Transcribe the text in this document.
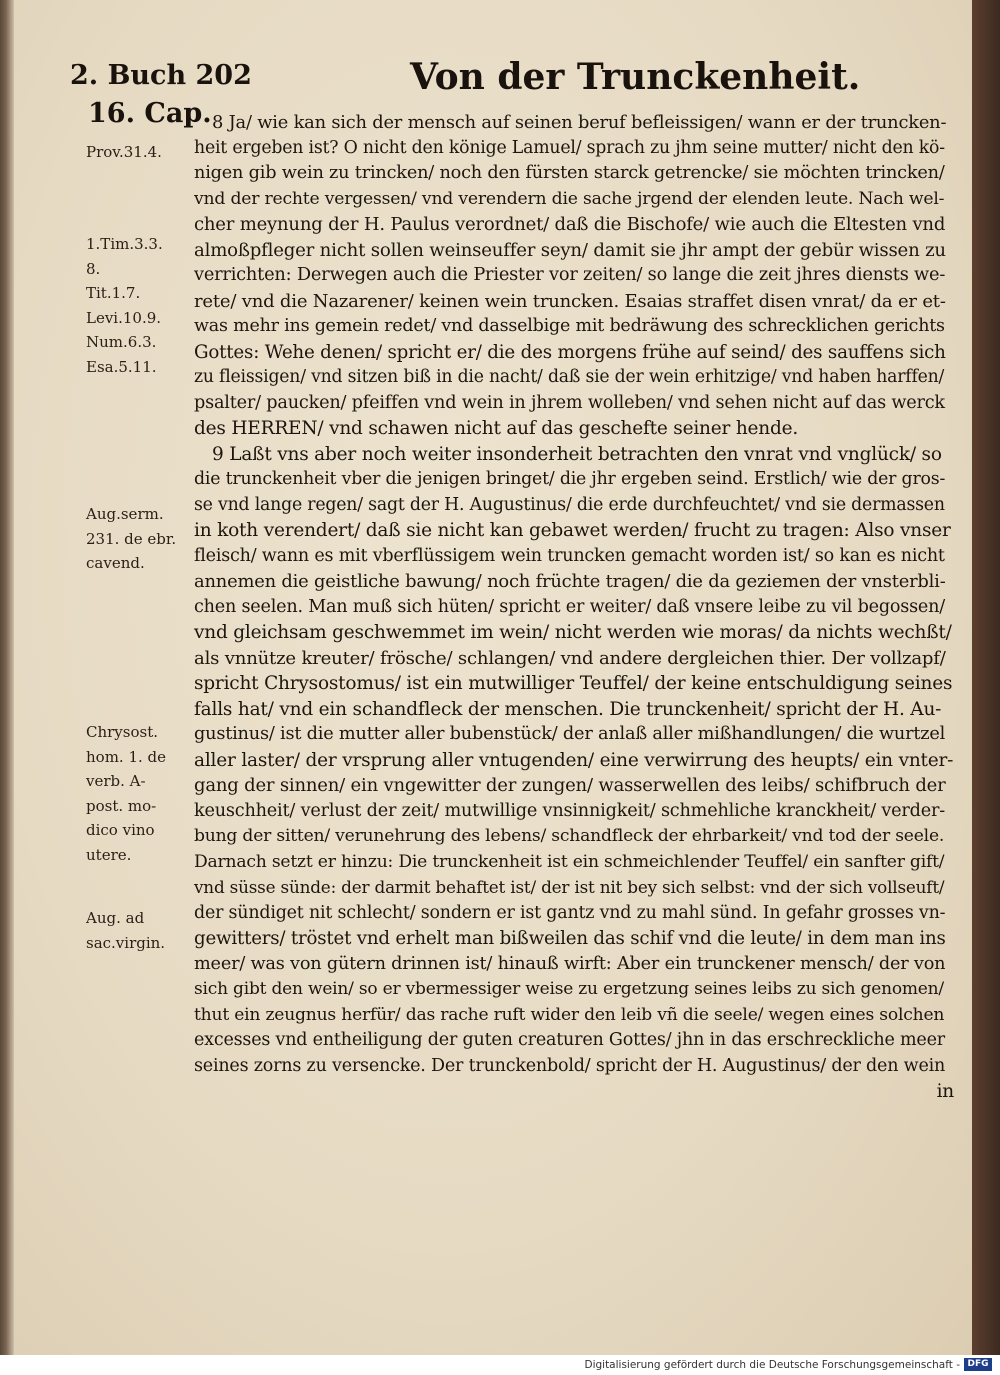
2. Buch 202	Von der Trunckenheit.
16. Cap.
Prov.31.4.
1.Tim.3.3.
8.
Tit.1.7.
Levi.10.9.
Num.6.3.
Esa.5.11.
Aug.serm.
231. de ebr.
cavend.
Chrysost.
hom. 1. de
verb. A-
post. mo-
dico vino
utere.
Aug. ad
sac.virgin.
8 Ja/ wie kan sich der mensch auf seinen beruf befleissigen/ wann er der truncken-
heit ergeben ist? O nicht den könige Lamuel/ sprach zu jhm seine mutter/ nicht den kö-
nigen gib wein zu trincken/ noch den fürsten starck getrencke/ sie möchten trincken/
vnd der rechte vergessen/ vnd verendern die sache jrgend der elenden leute. Nach wel-
cher meynung der H. Paulus verordnet/ daß die Bischofe/ wie auch die Eltesten vnd
almoßpfleger nicht sollen weinseuffer seyn/ damit sie jhr ampt der gebür wissen zu
verrichten: Derwegen auch die Priester vor zeiten/ so lange die zeit jhres diensts we-
rete/ vnd die Nazarener/ keinen wein truncken. Esaias straffet disen vnrat/ da er et-
was mehr ins gemein redet/ vnd dasselbige mit bedräwung des schrecklichen gerichts
Gottes: Wehe denen/ spricht er/ die des morgens frühe auf seind/ des sauffens sich
zu fleissigen/ vnd sitzen biß in die nacht/ daß sie der wein erhitzige/ vnd haben harffen/
psalter/ paucken/ pfeiffen vnd wein in jhrem wolleben/ vnd sehen nicht auf das werck
des HERREN/ vnd schawen nicht auf das geschefte seiner hende.
9 Laßt vns aber noch weiter insonderheit betrachten den vnrat vnd vnglück/ so
die trunckenheit vber die jenigen bringet/ die jhr ergeben seind. Erstlich/ wie der gros-
se vnd lange regen/ sagt der H. Augustinus/ die erde durchfeuchtet/ vnd sie dermassen
in koth verendert/ daß sie nicht kan gebawet werden/ frucht zu tragen: Also vnser
fleisch/ wann es mit vberflüssigem wein truncken gemacht worden ist/ so kan es nicht
annemen die geistliche bawung/ noch früchte tragen/ die da geziemen der vnsterbli-
chen seelen. Man muß sich hüten/ spricht er weiter/ daß vnsere leibe zu vil begossen/
vnd gleichsam geschwemmet im wein/ nicht werden wie moras/ da nichts wechßt/
als vnnütze kreuter/ frösche/ schlangen/ vnd andere dergleichen thier. Der vollzapf/
spricht Chrysostomus/ ist ein mutwilliger Teuffel/ der keine entschuldigung seines
falls hat/ vnd ein schandfleck der menschen. Die trunckenheit/ spricht der H. Au-
gustinus/ ist die mutter aller bubenstück/ der anlaß aller mißhandlungen/ die wurtzel
aller laster/ der vrsprung aller vntugenden/ eine verwirrung des heupts/ ein vnter-
gang der sinnen/ ein vngewitter der zungen/ wasserwellen des leibs/ schifbruch der
keuschheit/ verlust der zeit/ mutwillige vnsinnigkeit/ schmehliche kranckheit/ verder-
bung der sitten/ verunehrung des lebens/ schandfleck der ehrbarkeit/ vnd tod der seele.
Darnach setzt er hinzu: Die trunckenheit ist ein schmeichlender Teuffel/ ein sanfter gift/
vnd süsse sünde: der darmit behaftet ist/ der ist nit bey sich selbst: vnd der sich vollseuft/
der sündiget nit schlecht/ sondern er ist gantz vnd zu mahl sünd. In gefahr grosses vn-
gewitters/ tröstet vnd erhelt man bißweilen das schif vnd die leute/ in dem man ins
meer/ was von gütern drinnen ist/ hinauß wirft: Aber ein trunckener mensch/ der von
sich gibt den wein/ so er vbermessiger weise zu ergetzung seines leibs zu sich genomen/
thut ein zeugnus herfür/ das rache ruft wider den leib vñ die seele/ wegen eines solchen
excesses vnd entheiligung der guten creaturen Gottes/ jhn in das erschreckliche meer
seines zorns zu versencke. Der trunckenbold/ spricht der H. Augustinus/ der den wein
in
Digitalisierung gefördert durch die Deutsche Forschungsgemeinschaft - DFG
